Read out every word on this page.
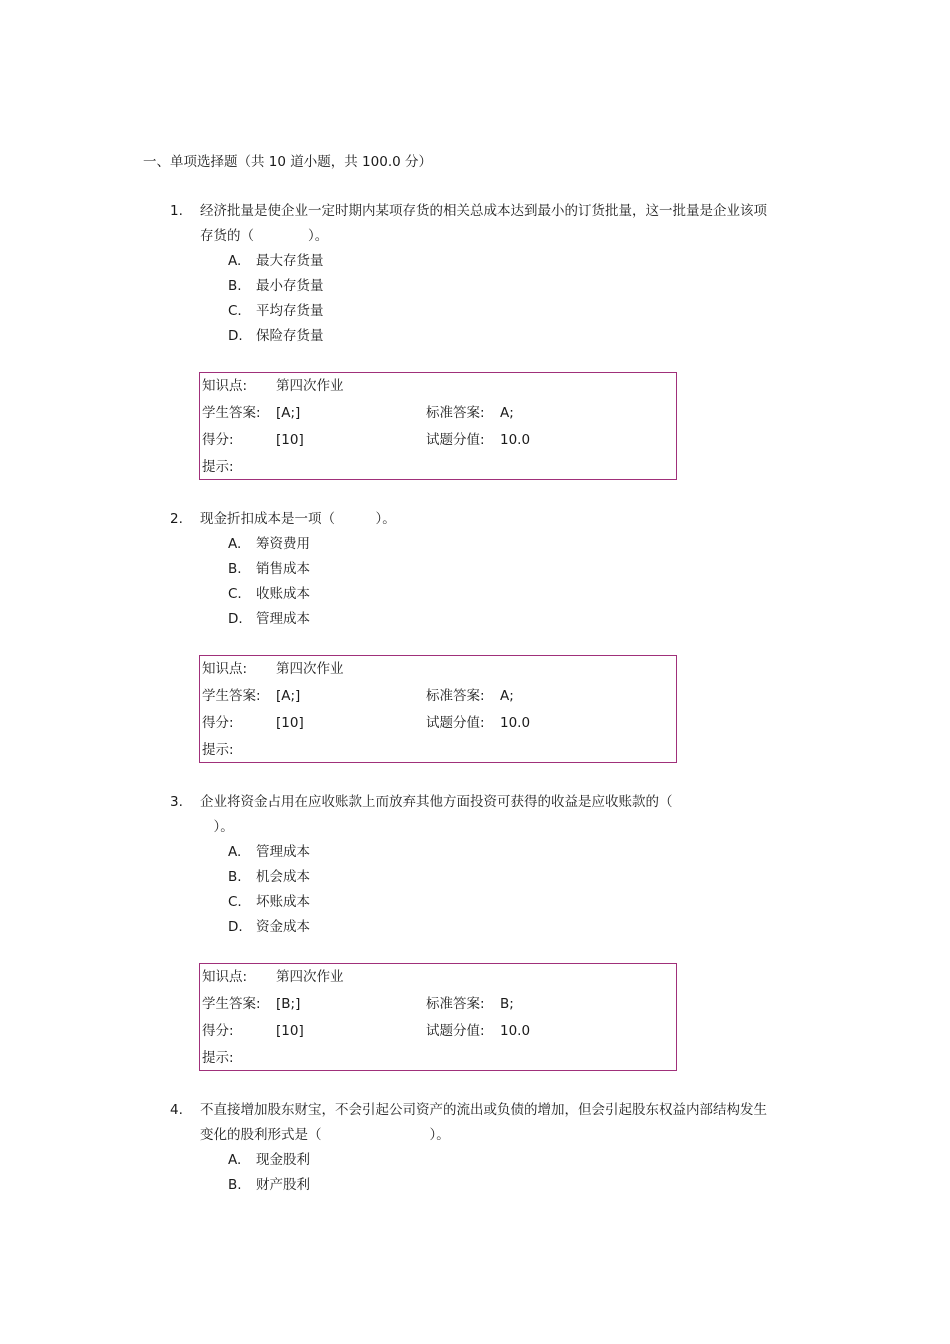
一、单项选择题（共 10 道小题，共 100.0 分）
1. 经济批量是使企业一定时期内某项存货的相关总成本达到最小的订货批量，这一批量是企业该项
存货的（　　　　）。
A.	最大存货量
B.	最小存货量
C.	平均存货量
D. 保险存货量
知识点: 第四次作业
学生答案: [A;]	标准答案: A;
得分:	[10]	试题分值: 10.0
提示:
2. 现金折扣成本是一项（　　　）。
A.	筹资费用
B.	销售成本
C.	收账成本
D. 管理成本
知识点: 第四次作业
学生答案: [A;]	标准答案: A;
得分:	[10]	试题分值: 10.0
提示:
3. 企业将资金占用在应收账款上而放弃其他方面投资可获得的收益是应收账款的（
　）。
A.	管理成本
B.	机会成本
C.	坏账成本
D. 资金成本
知识点: 第四次作业
学生答案: [B;]	标准答案: B;
得分:	[10]	试题分值: 10.0
提示:
4. 不直接增加股东财宝，不会引起公司资产的流出或负债的增加，但会引起股东权益内部结构发生
变化的股利形式是（　　　　　　　　）。
A.	现金股利
B.	财产股利
